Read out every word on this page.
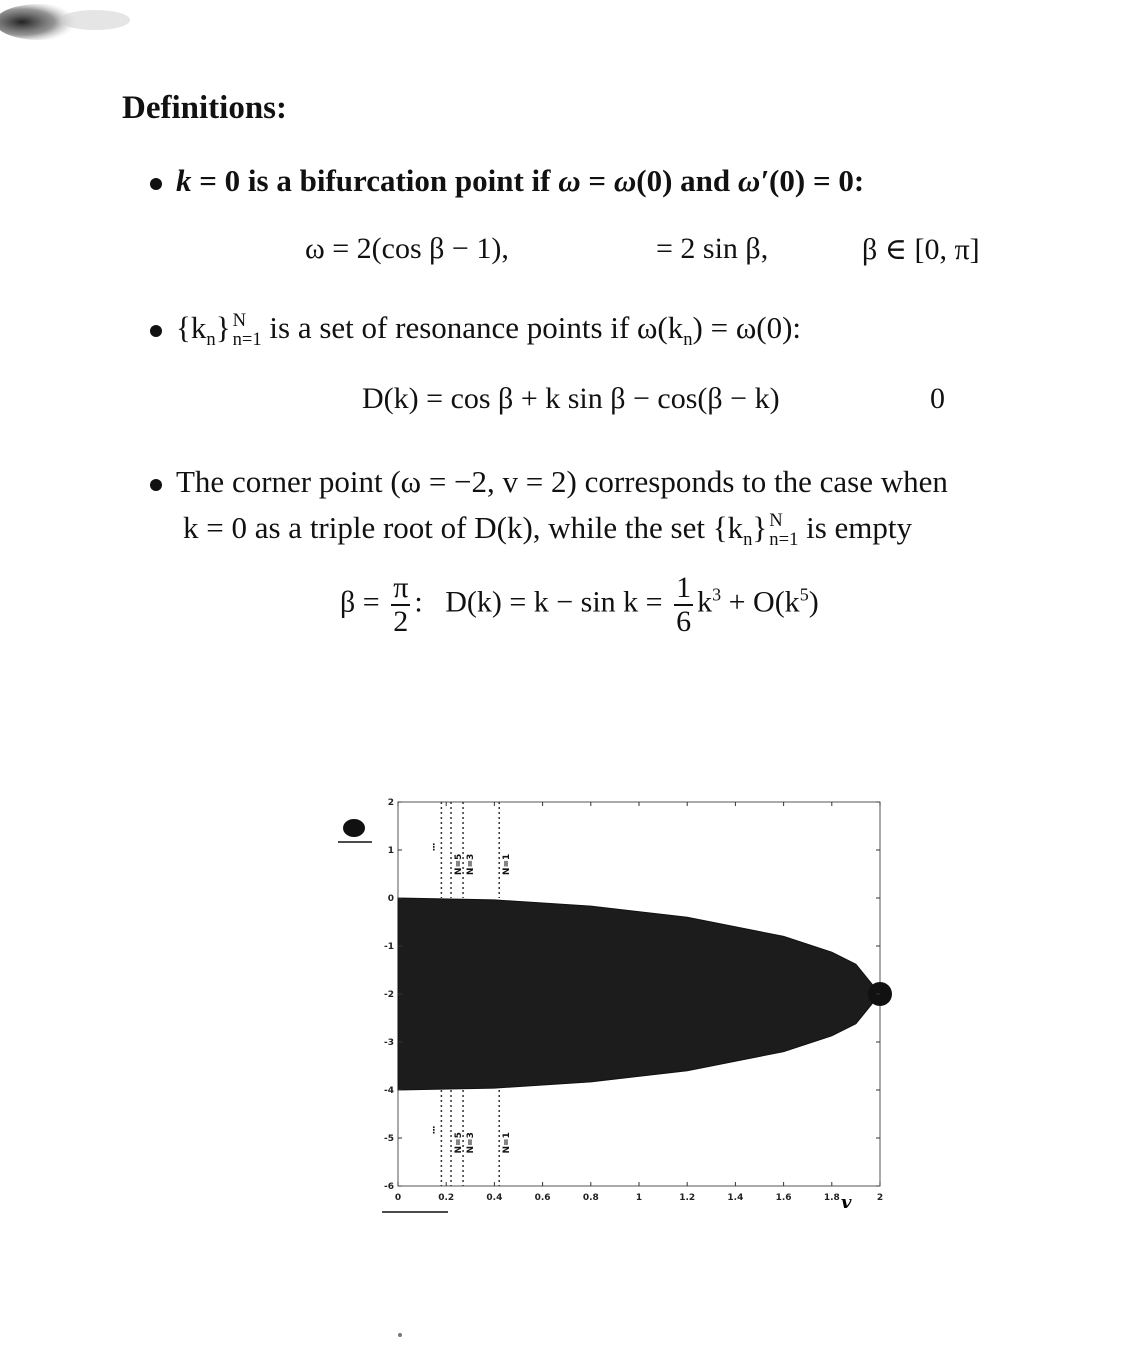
Definitions:
k = 0 is a bifurcation point if ω = ω(0) and ω′(0) = 0:
ω = 2(cos β − 1),	= 2 sin β,	β ∈ [0, π]
$\{k_n\}$ N
n=1 is a set of resonance points if $\omega(k_n) = \omega(0)$:
D(k) = cos β + k sin β − cos(β − k)	0
The corner point (ω = −2, v = 2) corresponds to the case when
k = 0 as a triple root of D(k), while the set $\{k_n\}$ N
n=1 is empty
$\beta = \frac{\pi}{2}$ : $D(k) = k - \sin k = \frac{1}{6} k^3 + O(k^5)$
N=1
N=1
N=3
N=3
N=5
N=5
⋮
⋮
0	0.2	0.4	0.6	0.8	1	1.2	1.4	1.6	1.8	2
2
1
0
-1
-2
-3
-4
-5
-6
v
